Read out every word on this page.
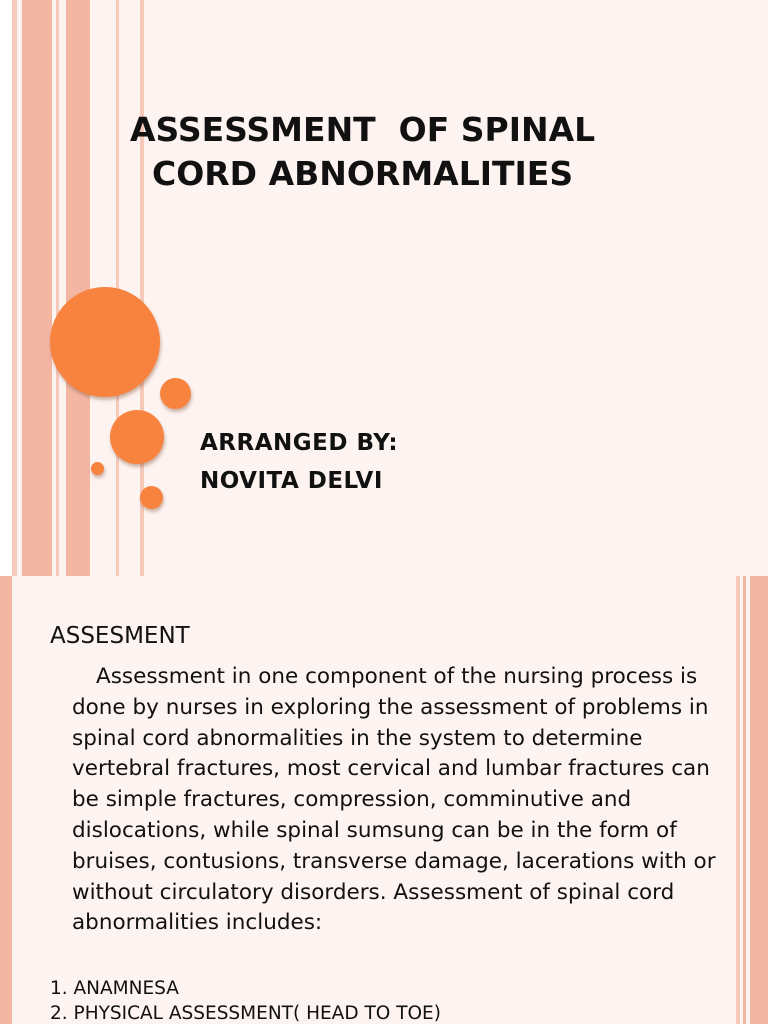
ASSESSMENT  OF SPINAL
CORD ABNORMALITIES
ARRANGED BY:
NOVITA DELVI
ASSESMENT
Assessment in one component of the nursing process is done by nurses in exploring the assessment of problems in spinal cord abnormalities in the system to determine vertebral fractures, most cervical and lumbar fractures can be simple fractures, compression, comminutive and dislocations, while spinal sumsung can be in the form of bruises, contusions, transverse damage, lacerations with or without circulatory disorders. Assessment of spinal cord abnormalities includes:
1. ANAMNESA
2. PHYSICAL ASSESSMENT( HEAD TO TOE)
